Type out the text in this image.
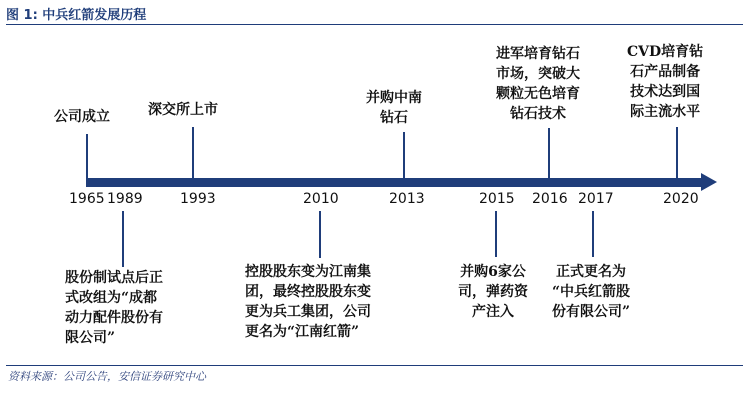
图 1: 中兵红箭发展历程
1965 1989	1993	2010	2013	2015 2016 2017	2020
公司成立	深交所上市
并购中南
钻石
进军培育钻石
市场，突破大
颗粒无色培育
钻石技术
CVD培育钻
石产品制备
技术达到国
际主流水平
股份制试点后正
式改组为“成都
动力配件股份有
限公司”
控股股东变为江南集
团，最终控股股东变
更为兵工集团，公司
更名为“江南红箭”
并购6家公
司，弹药资
产注入
正式更名为
“中兵红箭股
份有限公司”
资料来源：公司公告，安信证券研究中心
